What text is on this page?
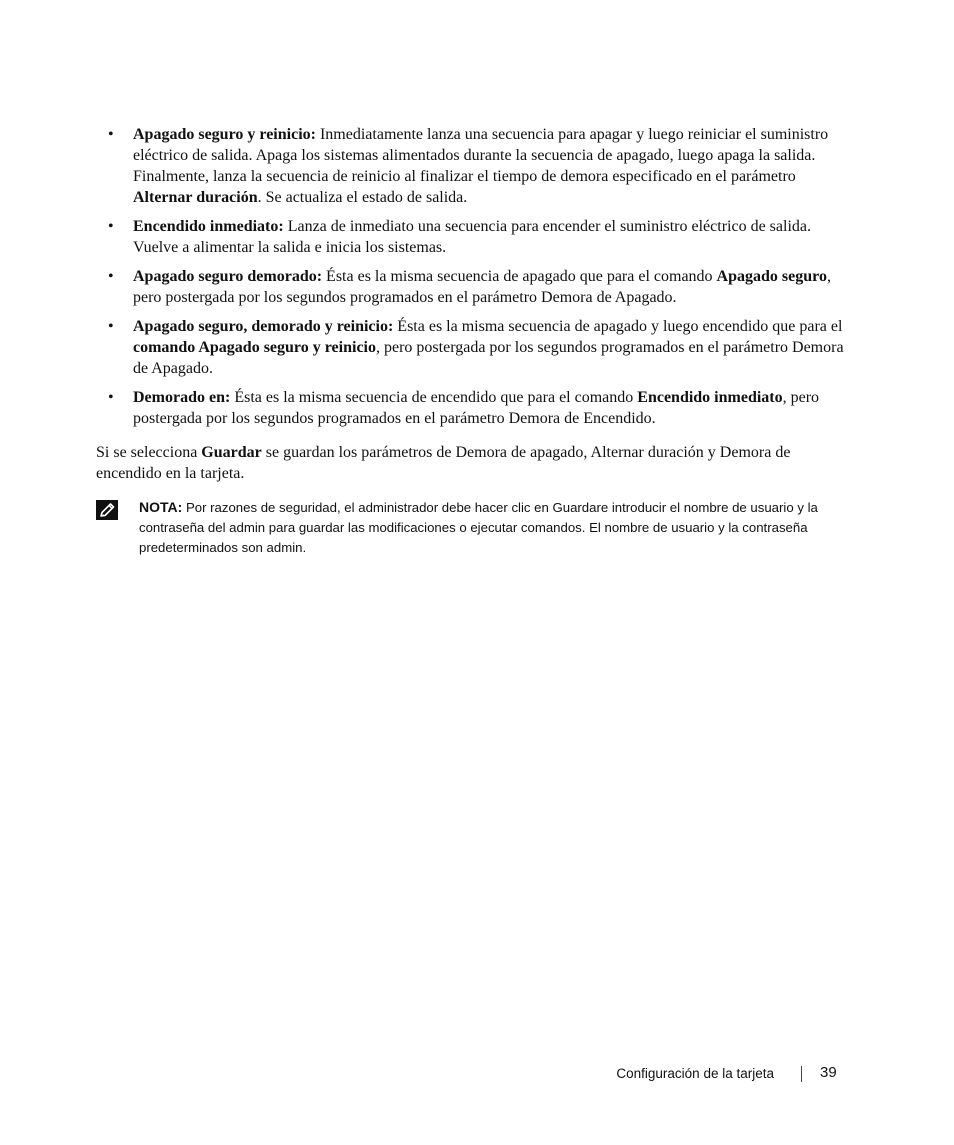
• Apagado seguro y reinicio: Inmediatamente lanza una secuencia para apagar y luego reiniciar el suministro eléctrico de salida. Apaga los sistemas alimentados durante la secuencia de apagado, luego apaga la salida. Finalmente, lanza la secuencia de reinicio al finalizar el tiempo de demora especificado en el parámetro Alternar duración. Se actualiza el estado de salida.
• Encendido inmediato: Lanza de inmediato una secuencia para encender el suministro eléctrico de salida. Vuelve a alimentar la salida e inicia los sistemas.
• Apagado seguro demorado: Ésta es la misma secuencia de apagado que para el comando Apagado seguro, pero postergada por los segundos programados en el parámetro Demora de Apagado.
• Apagado seguro, demorado y reinicio: Ésta es la misma secuencia de apagado y luego encendido que para el comando Apagado seguro y reinicio, pero postergada por los segundos programados en el parámetro Demora de Apagado.
• Demorado en: Ésta es la misma secuencia de encendido que para el comando Encendido inmediato, pero postergada por los segundos programados en el parámetro Demora de Encendido.

Si se selecciona Guardar se guardan los parámetros de Demora de apagado, Alternar duración y Demora de encendido en la tarjeta.

NOTA: Por razones de seguridad, el administrador debe hacer clic en Guardare introducir el nombre de usuario y la contraseña del admin para guardar las modificaciones o ejecutar comandos. El nombre de usuario y la contraseña predeterminados son admin.

Configuración de la tarjeta	39
